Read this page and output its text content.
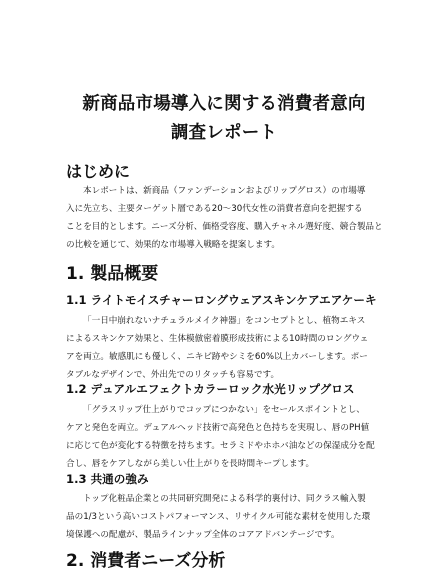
新商品市場導入に関する消費者意向
調査レポート
はじめに
本レポートは、新商品（ファンデーションおよびリップグロス）の市場導
入に先立ち、主要ターゲット層である20～30代女性の消費者意向を把握する
ことを目的とします。ニーズ分析、価格受容度、購入チャネル選好度、競合製品と
の比較を通じて、効果的な市場導入戦略を提案します。
1. 製品概要
1.1 ライトモイスチャーロングウェアスキンケアエアケーキ
「一日中崩れないナチュラルメイク神器」をコンセプトとし、植物エキス
によるスキンケア効果と、生体模倣密着膜形成技術による10時間のロングウェ
アを両立。敏感肌にも優しく、ニキビ跡やシミを60%以上カバーします。ポー
タブルなデザインで、外出先でのリタッチも容易です。
1.2 デュアルエフェクトカラーロック水光リップグロス
「グラスリップ仕上がりでコップにつかない」をセールスポイントとし、
ケアと発色を両立。デュアルヘッド技術で高発色と色持ちを実現し、唇のPH値
に応じて色が変化する特徴を持ちます。セラミドやホホバ油などの保湿成分を配
合し、唇をケアしながら美しい仕上がりを長時間キープします。
1.3 共通の強み
トップ化粧品企業との共同研究開発による科学的裏付け、同クラス輸入製
品の1/3という高いコストパフォーマンス、リサイクル可能な素材を使用した環
境保護への配慮が、製品ラインナップ全体のコアアドバンテージです。
2. 消費者ニーズ分析
